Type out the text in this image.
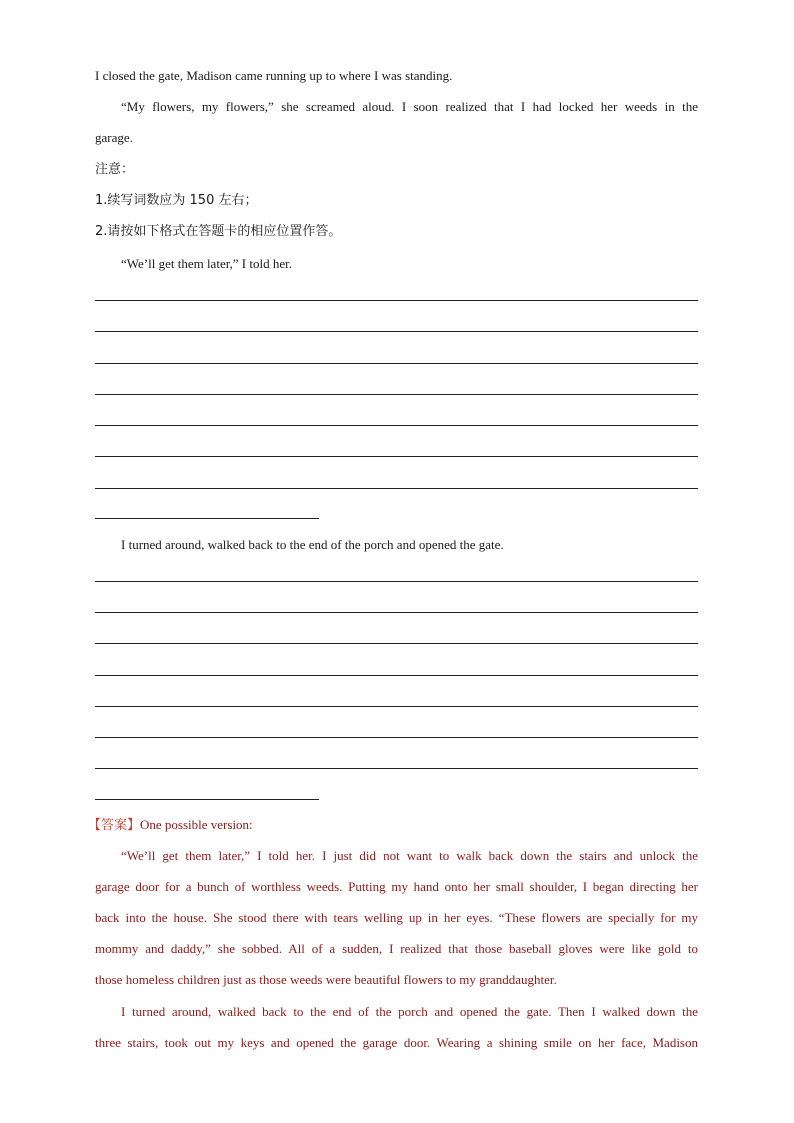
I closed the gate, Madison came running up to where I was standing.
“My flowers, my flowers,” she screamed aloud. I soon realized that I had locked her weeds in the
garage.
注意：
1.续写词数应为 150 左右；
2.请按如下格式在答题卡的相应位置作答。
“We’ll get them later,” I told her.
I turned around, walked back to the end of the porch and opened the gate.
【答案】One possible version:
“We’ll get them later,” I told her. I just did not want to walk back down the stairs and unlock the
garage door for a bunch of worthless weeds. Putting my hand onto her small shoulder, I began directing her
back into the house. She stood there with tears welling up in her eyes. “These flowers are specially for my
mommy and daddy,” she sobbed. All of a sudden, I realized that those baseball gloves were like gold to
those homeless children just as those weeds were beautiful flowers to my granddaughter.
I turned around, walked back to the end of the porch and opened the gate. Then I walked down the
three stairs, took out my keys and opened the garage door. Wearing a shining smile on her face, Madison
